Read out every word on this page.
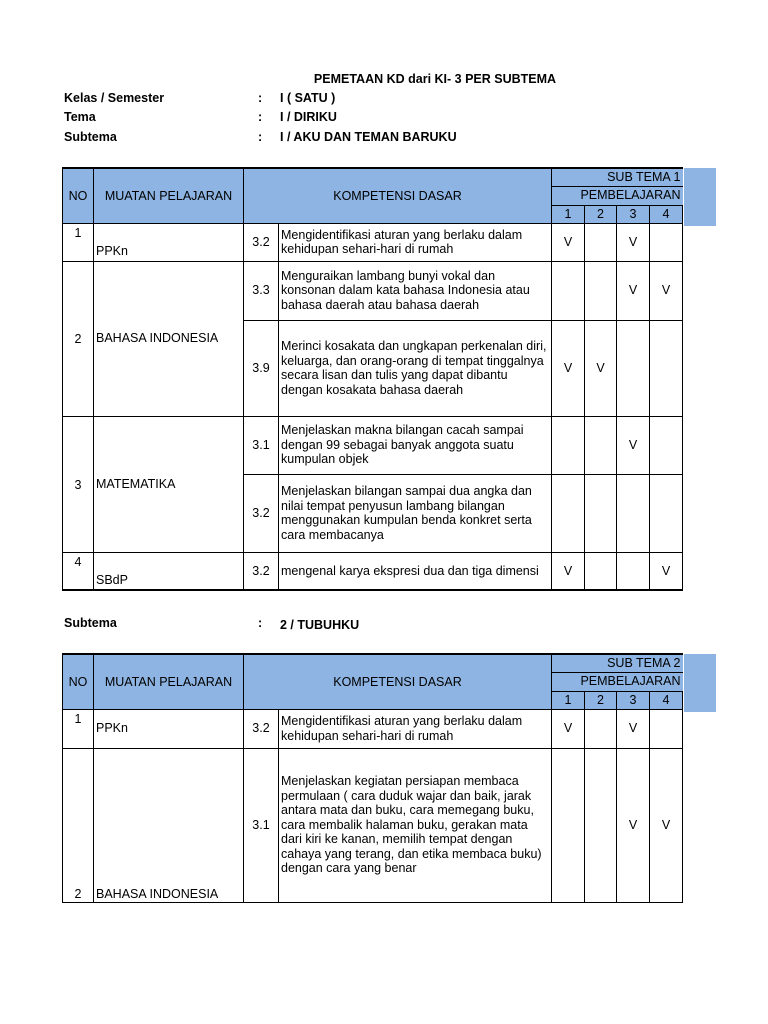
PEMETAAN KD dari KI- 3 PER SUBTEMA
Kelas / Semester	: I ( SATU )
Tema	: I / DIRIKU
Subtema	: I / AKU DAN TEMAN BARUKU
NO	MUATAN PELAJARAN	KOMPETENSI DASAR		SUB TEMA 1			
				PEMBELAJARAN			
				1	2	3	4
1	PPKn	3.2	Mengidentifikasi aturan yang berlaku dalam kehidupan sehari-hari di rumah	V		V	
2	BAHASA INDONESIA	3.3	Menguraikan lambang bunyi vokal dan konsonan dalam kata bahasa Indonesia atau bahasa daerah atau bahasa daerah			V	V
		3.9	Merinci kosakata dan ungkapan perkenalan diri, keluarga, dan orang-orang di tempat tinggalnya secara lisan dan tulis yang dapat dibantu dengan kosakata bahasa daerah	V	V		
3	MATEMATIKA	3.1	Menjelaskan makna bilangan cacah sampai dengan 99 sebagai banyak anggota suatu kumpulan objek			V	
		3.2	Menjelaskan bilangan sampai dua angka dan nilai tempat penyusun lambang bilangan menggunakan kumpulan benda konkret serta cara membacanya				
4	SBdP	3.2	mengenal karya ekspresi dua dan tiga dimensi	V			V
Subtema	: 2 / TUBUHKU
NO	MUATAN PELAJARAN	KOMPETENSI DASAR		SUB TEMA 2			
				PEMBELAJARAN			
				1	2	3	4
1	PPKn	3.2	Mengidentifikasi aturan yang berlaku dalam kehidupan sehari-hari di rumah	V		V	
2	BAHASA INDONESIA	3.1	Menjelaskan kegiatan persiapan membaca permulaan ( cara duduk wajar dan baik, jarak antara mata dan buku, cara memegang buku, cara membalik halaman buku, gerakan mata dari kiri ke kanan, memilih tempat dengan cahaya yang terang, dan etika membaca buku) dengan cara yang benar			V	V
